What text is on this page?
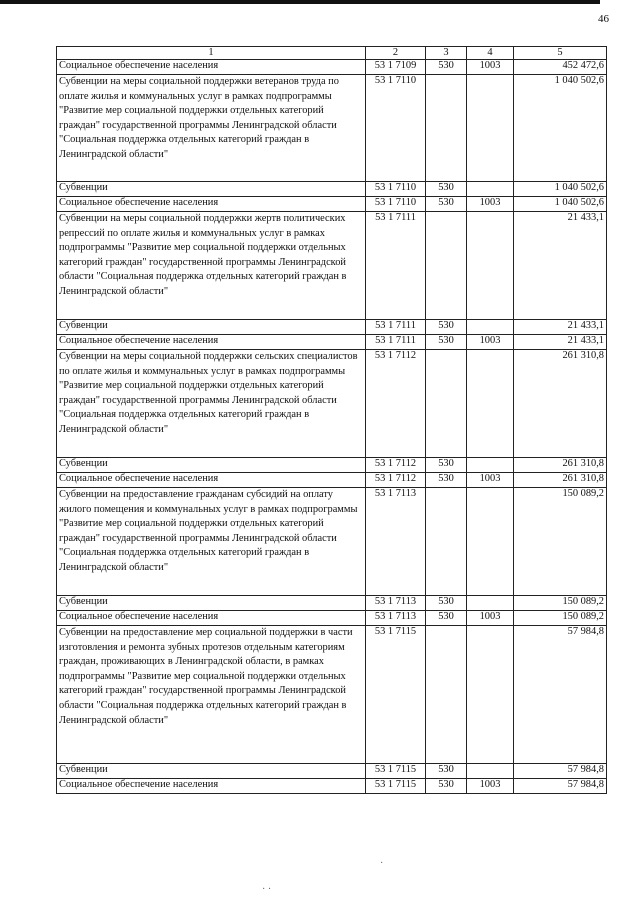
46
1	2	3	4	5
Социальное обеспечение населения	53 1 7109	530	1003	452 472,6
Субвенции на меры социальной поддержки ветеранов труда по оплате жилья и коммунальных услуг в рамках подпрограммы "Развитие мер социальной поддержки отдельных категорий граждан" государственной программы Ленинградской области "Социальная поддержка отдельных категорий граждан в Ленинградской области"	53 1 7110			1 040 502,6
Субвенции	53 1 7110	530		1 040 502,6
Социальное обеспечение населения	53 1 7110	530	1003	1 040 502,6
Субвенции на меры социальной поддержки жертв политических репрессий по оплате жилья и коммунальных услуг в рамках подпрограммы "Развитие мер социальной поддержки отдельных категорий граждан" государственной программы Ленинградской области "Социальная поддержка отдельных категорий граждан в Ленинградской области"	53 1 7111			21 433,1
Субвенции	53 1 7111	530		21 433,1
Социальное обеспечение населения	53 1 7111	530	1003	21 433,1
Субвенции на меры социальной поддержки сельских специалистов по оплате жилья и коммунальных услуг в рамках подпрограммы "Развитие мер социальной поддержки отдельных категорий граждан" государственной программы Ленинградской области "Социальная поддержка отдельных категорий граждан в Ленинградской области"	53 1 7112			261 310,8
Субвенции	53 1 7112	530		261 310,8
Социальное обеспечение населения	53 1 7112	530	1003	261 310,8
Субвенции на предоставление гражданам субсидий на оплату жилого помещения и коммунальных услуг в рамках подпрограммы "Развитие мер социальной поддержки отдельных категорий граждан" государственной программы Ленинградской области "Социальная поддержка отдельных категорий граждан в Ленинградской области"	53 1 7113			150 089,2
Субвенции	53 1 7113	530		150 089,2
Социальное обеспечение населения	53 1 7113	530	1003	150 089,2
Субвенции на предоставление мер социальной поддержки в части изготовления и ремонта зубных протезов отдельным категориям граждан, проживающих в Ленинградской области, в рамках подпрограммы "Развитие мер социальной поддержки отдельных категорий граждан" государственной программы Ленинградской области "Социальная поддержка отдельных категорий граждан в Ленинградской области"	53 1 7115			57 984,8
Субвенции	53 1 7115	530		57 984,8
Социальное обеспечение населения	53 1 7115	530	1003	57 984,8
·
· ·
